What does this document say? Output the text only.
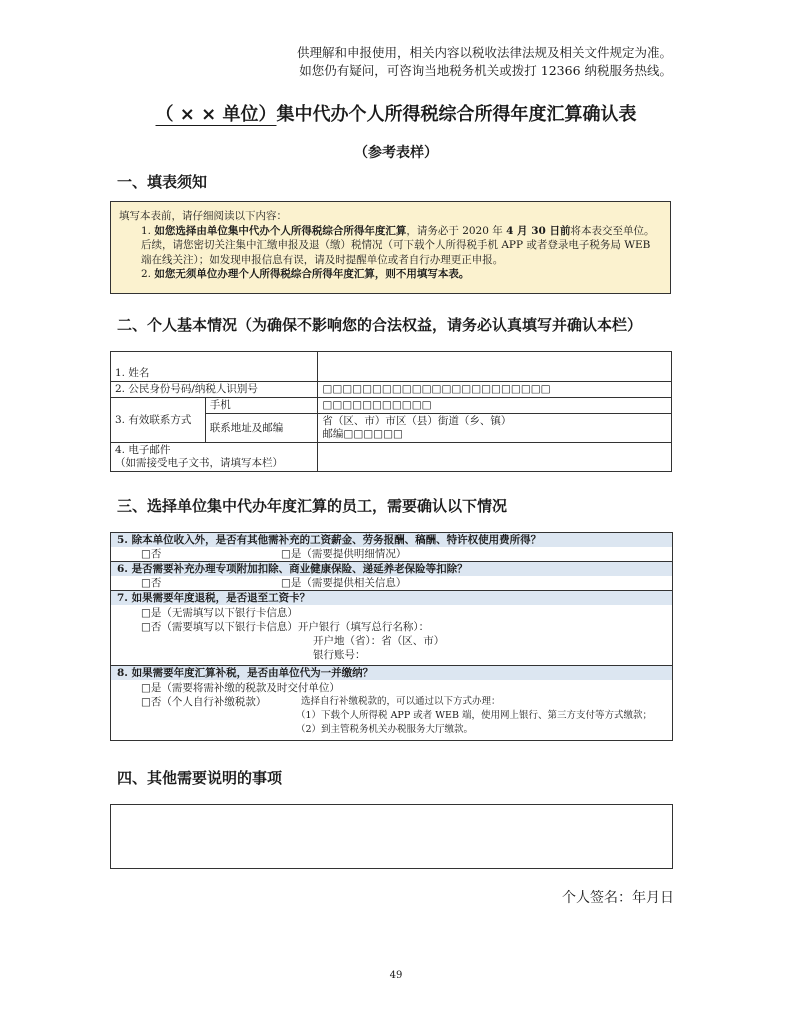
供理解和申报使用，相关内容以税收法律法规及相关文件规定为准。
如您仍有疑问，可咨询当地税务机关或拨打 12366 纳税服务热线。
（ × × 单位）集中代办个人所得税综合所得年度汇算确认表
（参考表样）
一、填表须知

填写本表前，请仔细阅读以下内容：

1. 如您选择由单位集中代办个人所得税综合所得年度汇算，请务必于 2020 年 4 月 30 日前将本表交至单位。后续，请您密切关注集中汇缴申报及退（缴）税情况（可下载个人所得税手机 APP 或者登录电子税务局 WEB 端在线关注）；如发现申报信息有误，请及时提醒单位或者自行办理更正申报。

2. 如您无须单位办理个人所得税综合所得年度汇算，则不用填写本表。

二、个人基本情况（为确保不影响您的合法权益，请务必认真填写并确认本栏）
1. 姓名		
2. 公民身份号码/纳税人识别号		□□□□□□□□□□□□□□□□□□□□□□□
3. 有效联系方式	手机	□□□□□□□□□□□
	联系地址及邮编	省（区、市）市区（县）街道（乡、镇）
邮编□□□□□□

4. 电子邮件
（如需接受电子文书，请填写本栏）		

三、选择单位集中代办年度汇算的员工，需要确认以下情况
5. 除本单位收入外，是否有其他需补充的工资薪金、劳务报酬、稿酬、特许权使用费所得？
□否	□是（需要提供明细情况）
6. 是否需要补充办理专项附加扣除、商业健康保险、递延养老保险等扣除？
□否	□是（需要提供相关信息）
7. 如果需要年度退税，是否退至工资卡？
□是（无需填写以下银行卡信息）
□否（需要填写以下银行卡信息）开户银行（填写总行名称）：
开户地（省）：省（区、市）
银行账号：
8. 如果需要年度汇算补税，是否由单位代为一并缴纳？
□是（需要将需补缴的税款及时交付单位）
□否（个人自行补缴税款）	选择自行补缴税款的，可以通过以下方式办理：
（1）下载个人所得税 APP 或者 WEB 端，使用网上银行、第三方支付等方式缴款；
（2）到主管税务机关办税服务大厅缴款。
四、其他需要说明的事项
个人签名：年月日
49
